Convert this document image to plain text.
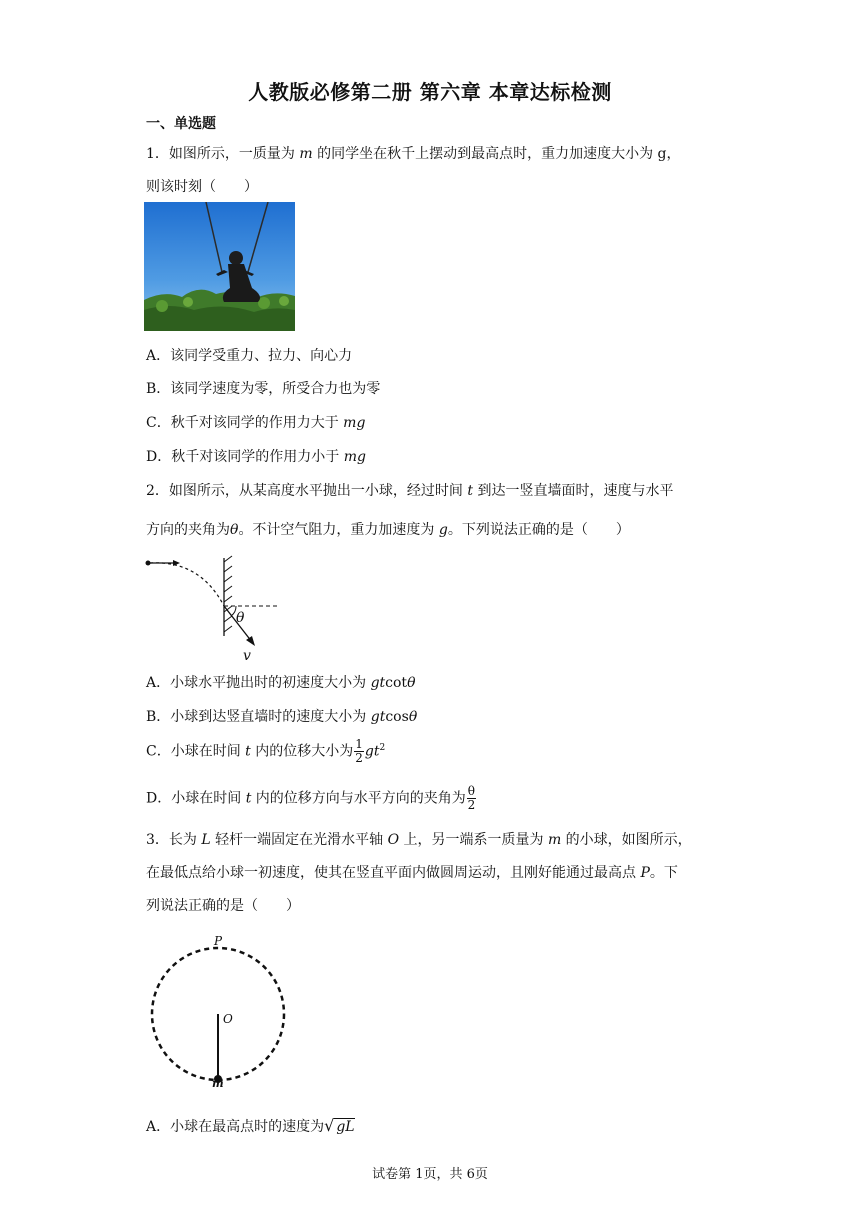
人教版必修第二册 第六章 本章达标检测
一、单选题
1．如图所示，一质量为 m 的同学坐在秋千上摆动到最高点时，重力加速度大小为 g，
则该时刻（　　）
A．该同学受重力、拉力、向心力
B．该同学速度为零，所受合力也为零
C．秋千对该同学的作用力大于 mg
D．秋千对该同学的作用力小于 mg
2．如图所示，从某高度水平抛出一小球，经过时间 t 到达一竖直墙面时，速度与水平
方向的夹角为θ。不计空气阻力，重力加速度为 g。下列说法正确的是（　　）
θ
v
A．小球水平抛出时的初速度大小为 gtcotθ
B．小球到达竖直墙时的速度大小为 gtcosθ
C．小球在时间 t 内的位移大小为 $\frac{1}{2} gt^2$
D．小球在时间 t 内的位移方向与水平方向的夹角为 $\frac{\theta}{2}$
3．长为 L 轻杆一端固定在光滑水平轴 O 上，另一端系一质量为 m 的小球，如图所示，
在最低点给小球一初速度，使其在竖直平面内做圆周运动，且刚好能通过最高点 P。下
列说法正确的是（　　）
P
O
m
A．小球在最高点时的速度为√ gL
试卷第 1页，共 6页
